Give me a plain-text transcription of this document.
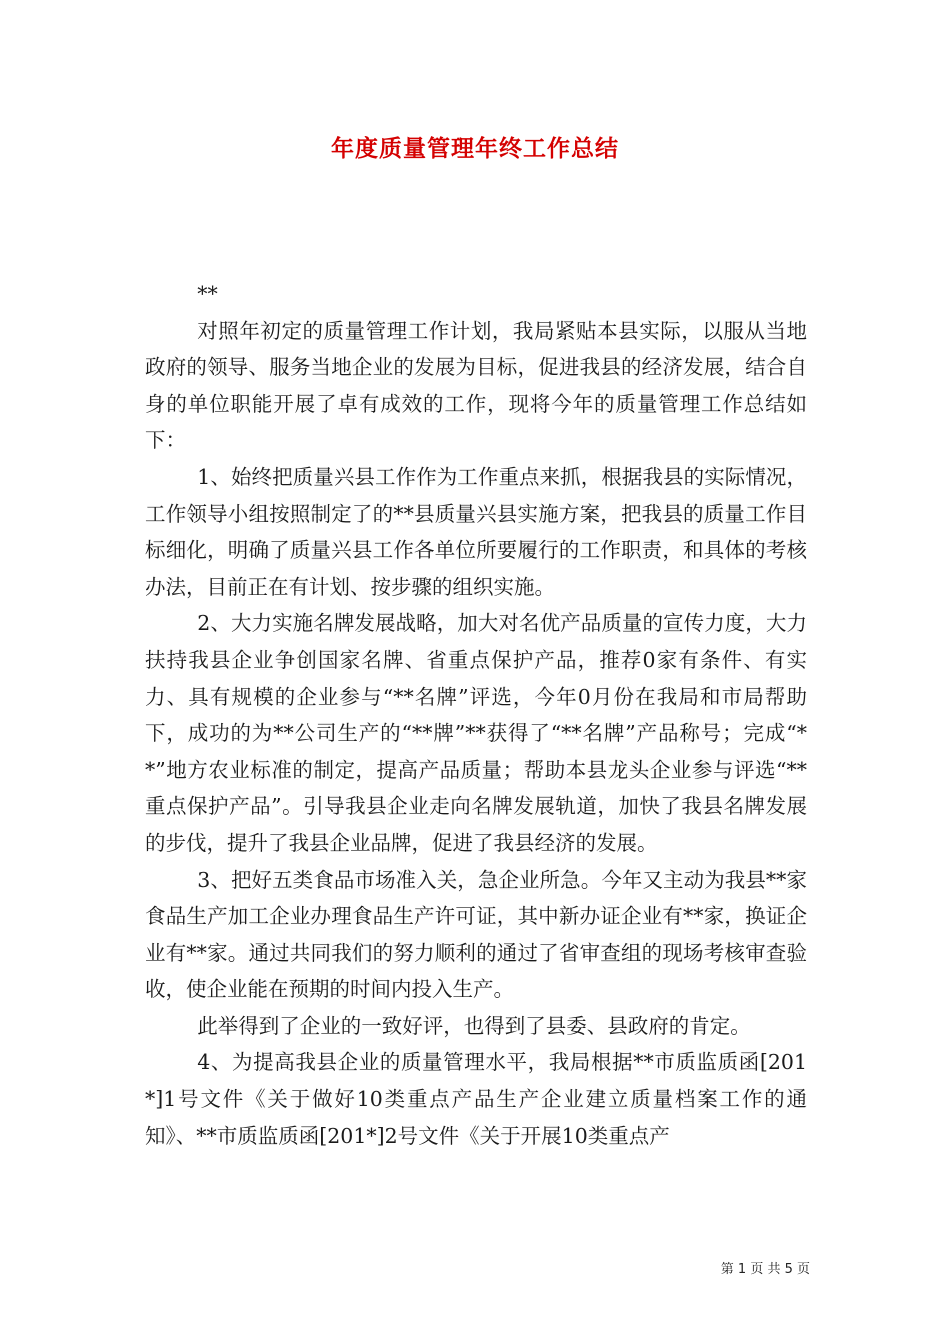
年度质量管理年终工作总结

**

对照年初定的质量管理工作计划，我局紧贴本县实际，以服从当地政府的领导、服务当地企业的发展为目标，促进我县的经济发展，结合自身的单位职能开展了卓有成效的工作，现将今年的质量管理工作总结如下：

1、始终把质量兴县工作作为工作重点来抓，根据我县的实际情况，工作领导小组按照制定了的**县质量兴县实施方案，把我县的质量工作目标细化，明确了质量兴县工作各单位所要履行的工作职责，和具体的考核办法，目前正在有计划、按步骤的组织实施。

2、大力实施名牌发展战略，加大对名优产品质量的宣传力度，大力扶持我县企业争创国家名牌、省重点保护产品，推荐0家有条件、有实力、具有规模的企业参与“**名牌”评选，今年0月份在我局和市局帮助下，成功的为**公司生产的“**牌”**获得了“**名牌”产品称号；完成“**”地方农业标准的制定，提高产品质量；帮助本县龙头企业参与评选“**重点保护产品”。引导我县企业走向名牌发展轨道，加快了我县名牌发展的步伐，提升了我县企业品牌，促进了我县经济的发展。

3、把好五类食品市场准入关，急企业所急。今年又主动为我县**家食品生产加工企业办理食品生产许可证，其中新办证企业有**家，换证企业有**家。通过共同我们的努力顺利的通过了省审查组的现场考核审查验收，使企业能在预期的时间内投入生产。

此举得到了企业的一致好评，也得到了县委、县政府的肯定。

4、为提高我县企业的质量管理水平，我局根据**市质监质函[201*]1号文件《关于做好10类重点产品生产企业建立质量档案工作的通知》、**市质监质函[201*]2号文件《关于开展10类重点产

第 1 页 共 5 页
